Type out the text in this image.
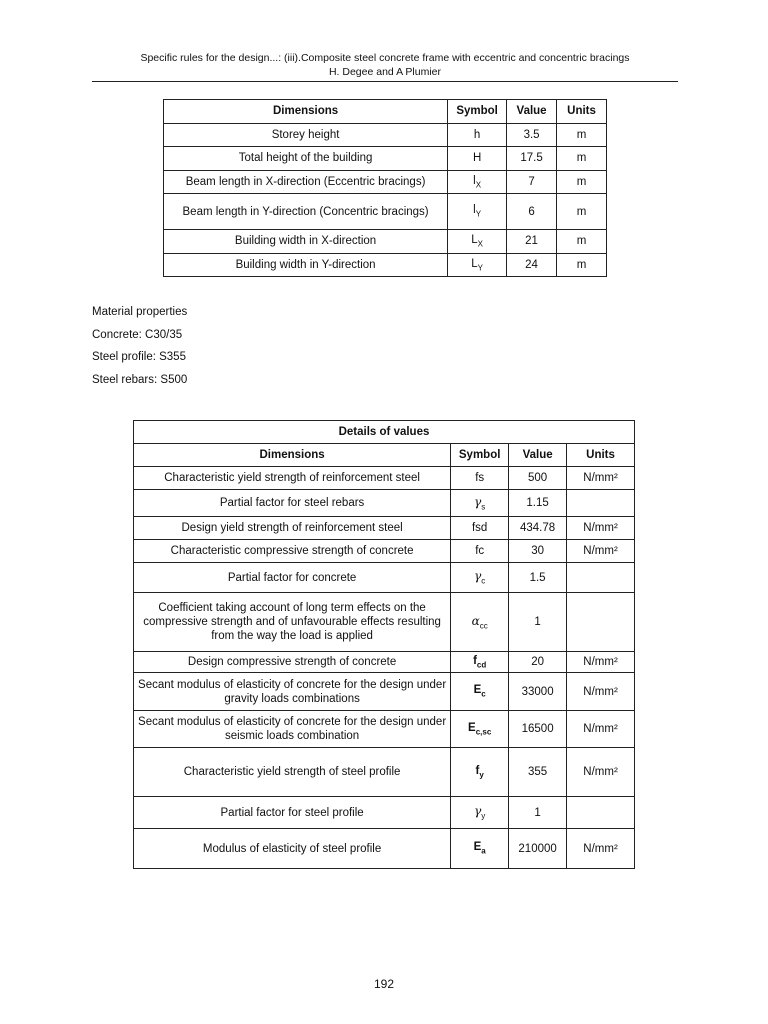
Specific rules for the design...: (iii).Composite steel concrete frame with eccentric and concentric bracings
H. Degee and A Plumier
Dimensions	Symbol	Value	Units
Storey height	h	3.5	m
Total height of the building	H	17.5	m
Beam length in X-direction (Eccentric bracings)	$l_X$	7	m
Beam length in Y-direction (Concentric bracings)	$l_Y$	6	m
Building width in X-direction	$L_X$	21	m
Building width in Y-direction	$L_Y$	24	m
Material properties
Concrete: C30/35
Steel profile: S355
Steel rebars: S500
Details of values			
Dimensions	Symbol	Value	Units
Characteristic yield strength of reinforcement steel	fs	500	N/mm²
Partial factor for steel rebars	$\gamma_s$	1.15	
Design yield strength of reinforcement steel	fsd	434.78	N/mm²
Characteristic compressive strength of concrete	fc	30	N/mm²
Partial factor for concrete	$\gamma_c$	1.5	
Coefficient taking account of long term effects on the compressive strength and of unfavourable effects resulting from the way the load is applied	$\alpha_{cc}$	1	
Design compressive strength of concrete	$f_{cd}$	20	N/mm²
Secant modulus of elasticity of concrete for the design under gravity loads combinations	$E_c$	33000	N/mm²
Secant modulus of elasticity of concrete for the design under seismic loads combination	$E_{c,sc}$	16500	N/mm²
Characteristic yield strength of steel profile	$f_y$	355	N/mm²
Partial factor for steel profile	$\gamma_y$	1	
Modulus of elasticity of steel profile	$E_a$	210000	N/mm²
192
